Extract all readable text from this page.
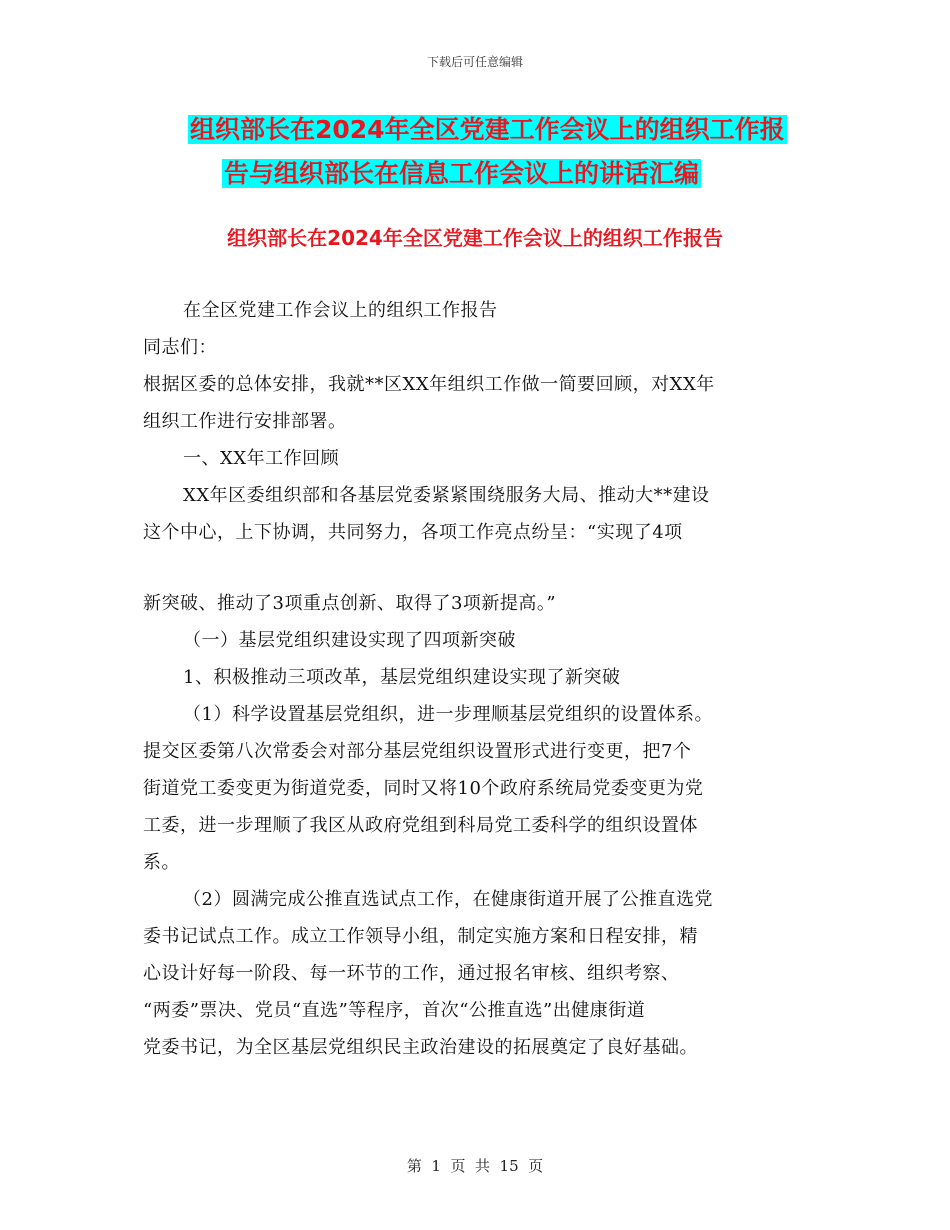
下载后可任意编辑
组织部长在2024年全区党建工作会议上的组织工作报
告与组织部长在信息工作会议上的讲话汇编
组织部长在2024年全区党建工作会议上的组织工作报告

在全区党建工作会议上的组织工作报告

同志们：

根据区委的总体安排，我就**区XX年组织工作做一简要回顾，对XX年

组织工作进行安排部署。

一、XX年工作回顾

XX年区委组织部和各基层党委紧紧围绕服务大局、推动大**建设

这个中心，上下协调，共同努力，各项工作亮点纷呈：“实现了4项

新突破、推动了3项重点创新、取得了3项新提高。”

（一）基层党组织建设实现了四项新突破

1、积极推动三项改革，基层党组织建设实现了新突破

（1）科学设置基层党组织，进一步理顺基层党组织的设置体系。

提交区委第八次常委会对部分基层党组织设置形式进行变更，把7个

街道党工委变更为街道党委，同时又将10个政府系统局党委变更为党

工委，进一步理顺了我区从政府党组到科局党工委科学的组织设置体

系。

（2）圆满完成公推直选试点工作，在健康街道开展了公推直选党

委书记试点工作。成立工作领导小组，制定实施方案和日程安排，精

心设计好每一阶段、每一环节的工作，通过报名审核、组织考察、

“两委”票决、党员“直选”等程序，首次“公推直选”出健康街道

党委书记，为全区基层党组织民主政治建设的拓展奠定了良好基础。

第  1  页  共  15  页
